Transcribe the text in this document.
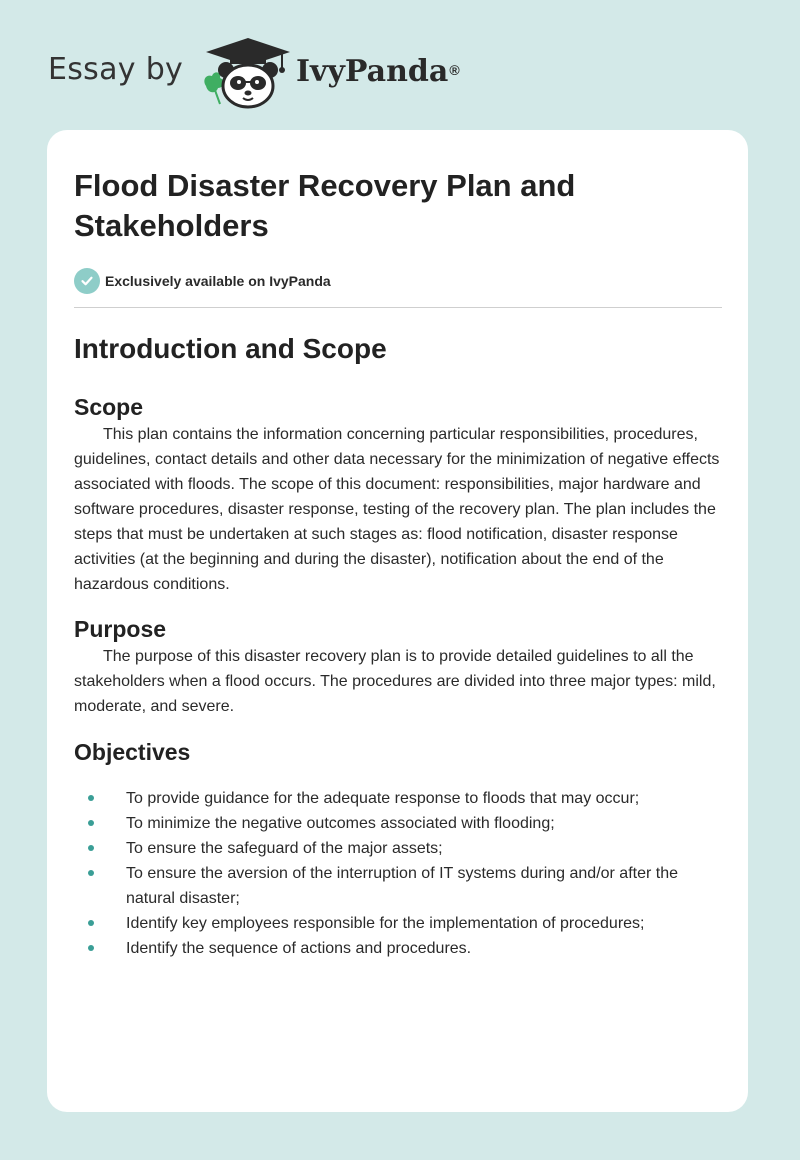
Essay by	IvyPanda®
Flood Disaster Recovery Plan and Stakeholders
Exclusively available on IvyPanda
Introduction and Scope
Scope

This plan contains the information concerning particular responsibilities, procedures, guidelines, contact details and other data necessary for the minimization of negative effects associated with floods. The scope of this document: responsibilities, major hardware and software procedures, disaster response, testing of the recovery plan. The plan includes the steps that must be undertaken at such stages as: flood notification, disaster response activities (at the beginning and during the disaster), notification about the end of the hazardous conditions.

Purpose

The purpose of this disaster recovery plan is to provide detailed guidelines to all the stakeholders when a flood occurs. The procedures are divided into three major types: mild, moderate, and severe.

Objectives
To provide guidance for the adequate response to floods that may occur;
To minimize the negative outcomes associated with flooding;
To ensure the safeguard of the major assets;
To ensure the aversion of the interruption of IT systems during and/or after the natural disaster;
Identify key employees responsible for the implementation of procedures;
Identify the sequence of actions and procedures.
